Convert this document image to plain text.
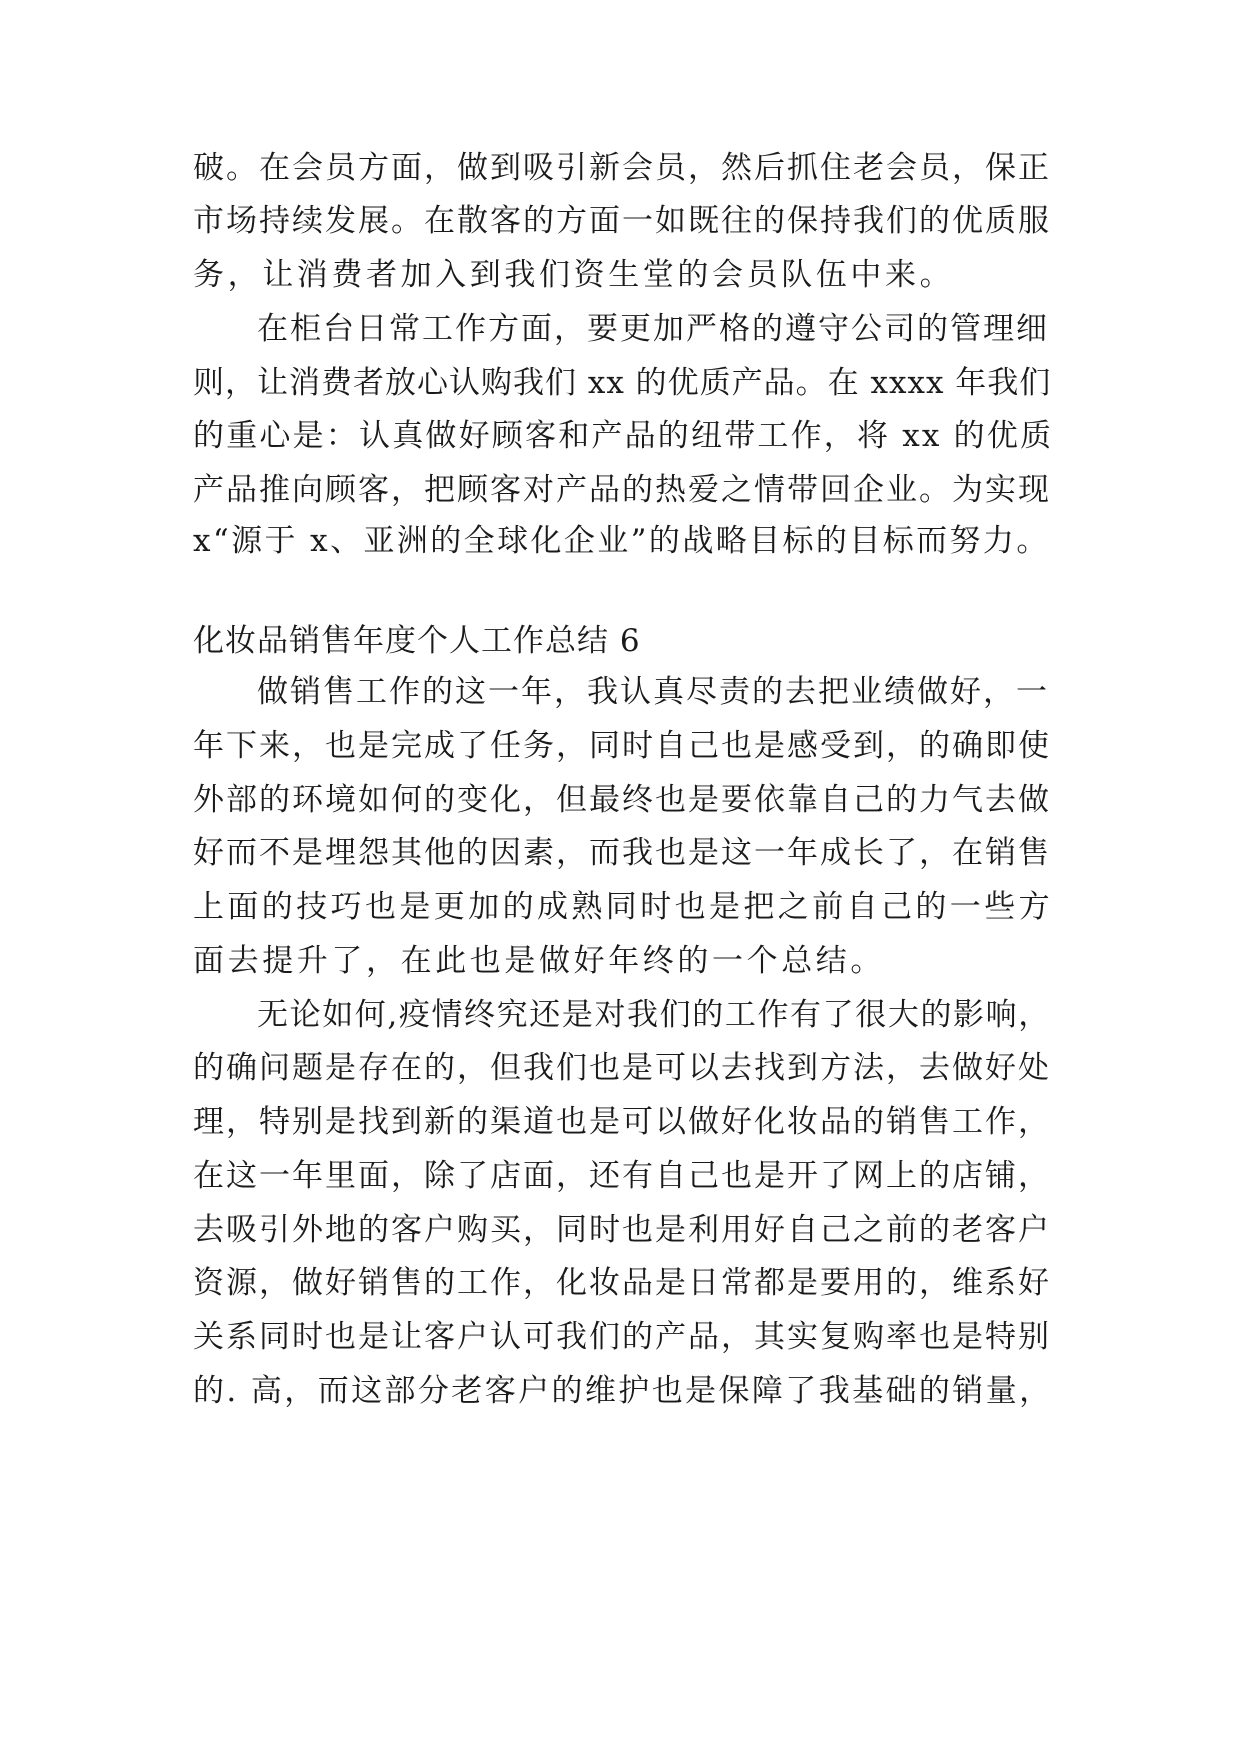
破。在会员方面，做到吸引新会员，然后抓住老会员，保正
市场持续发展。在散客的方面一如既往的保持我们的优质服
务，让消费者加入到我们资生堂的会员队伍中来。
在柜台日常工作方面，要更加严格的遵守公司的管理细
则，让消费者放心认购我们 xx 的优质产品。在 xxxx 年我们
的重心是：认真做好顾客和产品的纽带工作，将 xx 的优质
产品推向顾客，把顾客对产品的热爱之情带回企业。为实现
x“源于 x、亚洲的全球化企业”的战略目标的目标而努力。
化妆品销售年度个人工作总结 6
做销售工作的这一年，我认真尽责的去把业绩做好，一
年下来，也是完成了任务，同时自己也是感受到，的确即使
外部的环境如何的变化，但最终也是要依靠自己的力气去做
好而不是埋怨其他的因素，而我也是这一年成长了，在销售
上面的技巧也是更加的成熟同时也是把之前自己的一些方
面去提升了，在此也是做好年终的一个总结。
无论如何,疫情终究还是对我们的工作有了很大的影响，
的确问题是存在的，但我们也是可以去找到方法，去做好处
理，特别是找到新的渠道也是可以做好化妆品的销售工作，
在这一年里面，除了店面，还有自己也是开了网上的店铺，
去吸引外地的客户购买，同时也是利用好自己之前的老客户
资源，做好销售的工作，化妆品是日常都是要用的，维系好
关系同时也是让客户认可我们的产品，其实复购率也是特别
的. 高，而这部分老客户的维护也是保障了我基础的销量，
